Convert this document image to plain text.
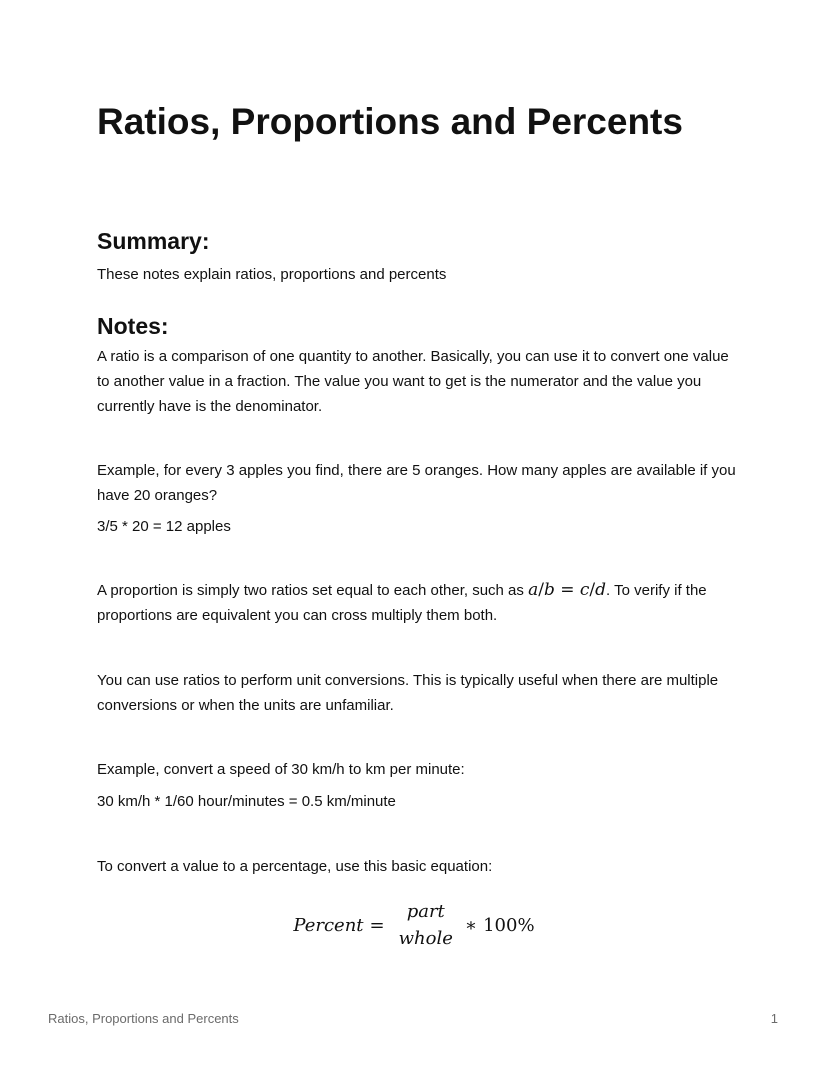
Ratios, Proportions and Percents
Summary:

These notes explain ratios, proportions and percents

Notes:

A ratio is a comparison of one quantity to another. Basically, you can use it to convert one value to another value in a fraction. The value you want to get is the numerator and the value you currently have is the denominator.

Example, for every 3 apples you find, there are 5 oranges. How many apples are available if you have 20 oranges?

3/5 * 20 = 12 apples

A proportion is simply two ratios set equal to each other, such as a/b = c/d. To verify if the proportions are equivalent you can cross multiply them both.

You can use ratios to perform unit conversions. This is typically useful when there are multiple conversions or when the units are unfamiliar.

Example, convert a speed of 30 km/h to km per minute:

30 km/h * 1/60 hour/minutes = 0.5 km/minute

To convert a value to a percentage, use this basic equation:

Percent =
part
whole
∗ 100%
Ratios, Proportions and Percents	1
